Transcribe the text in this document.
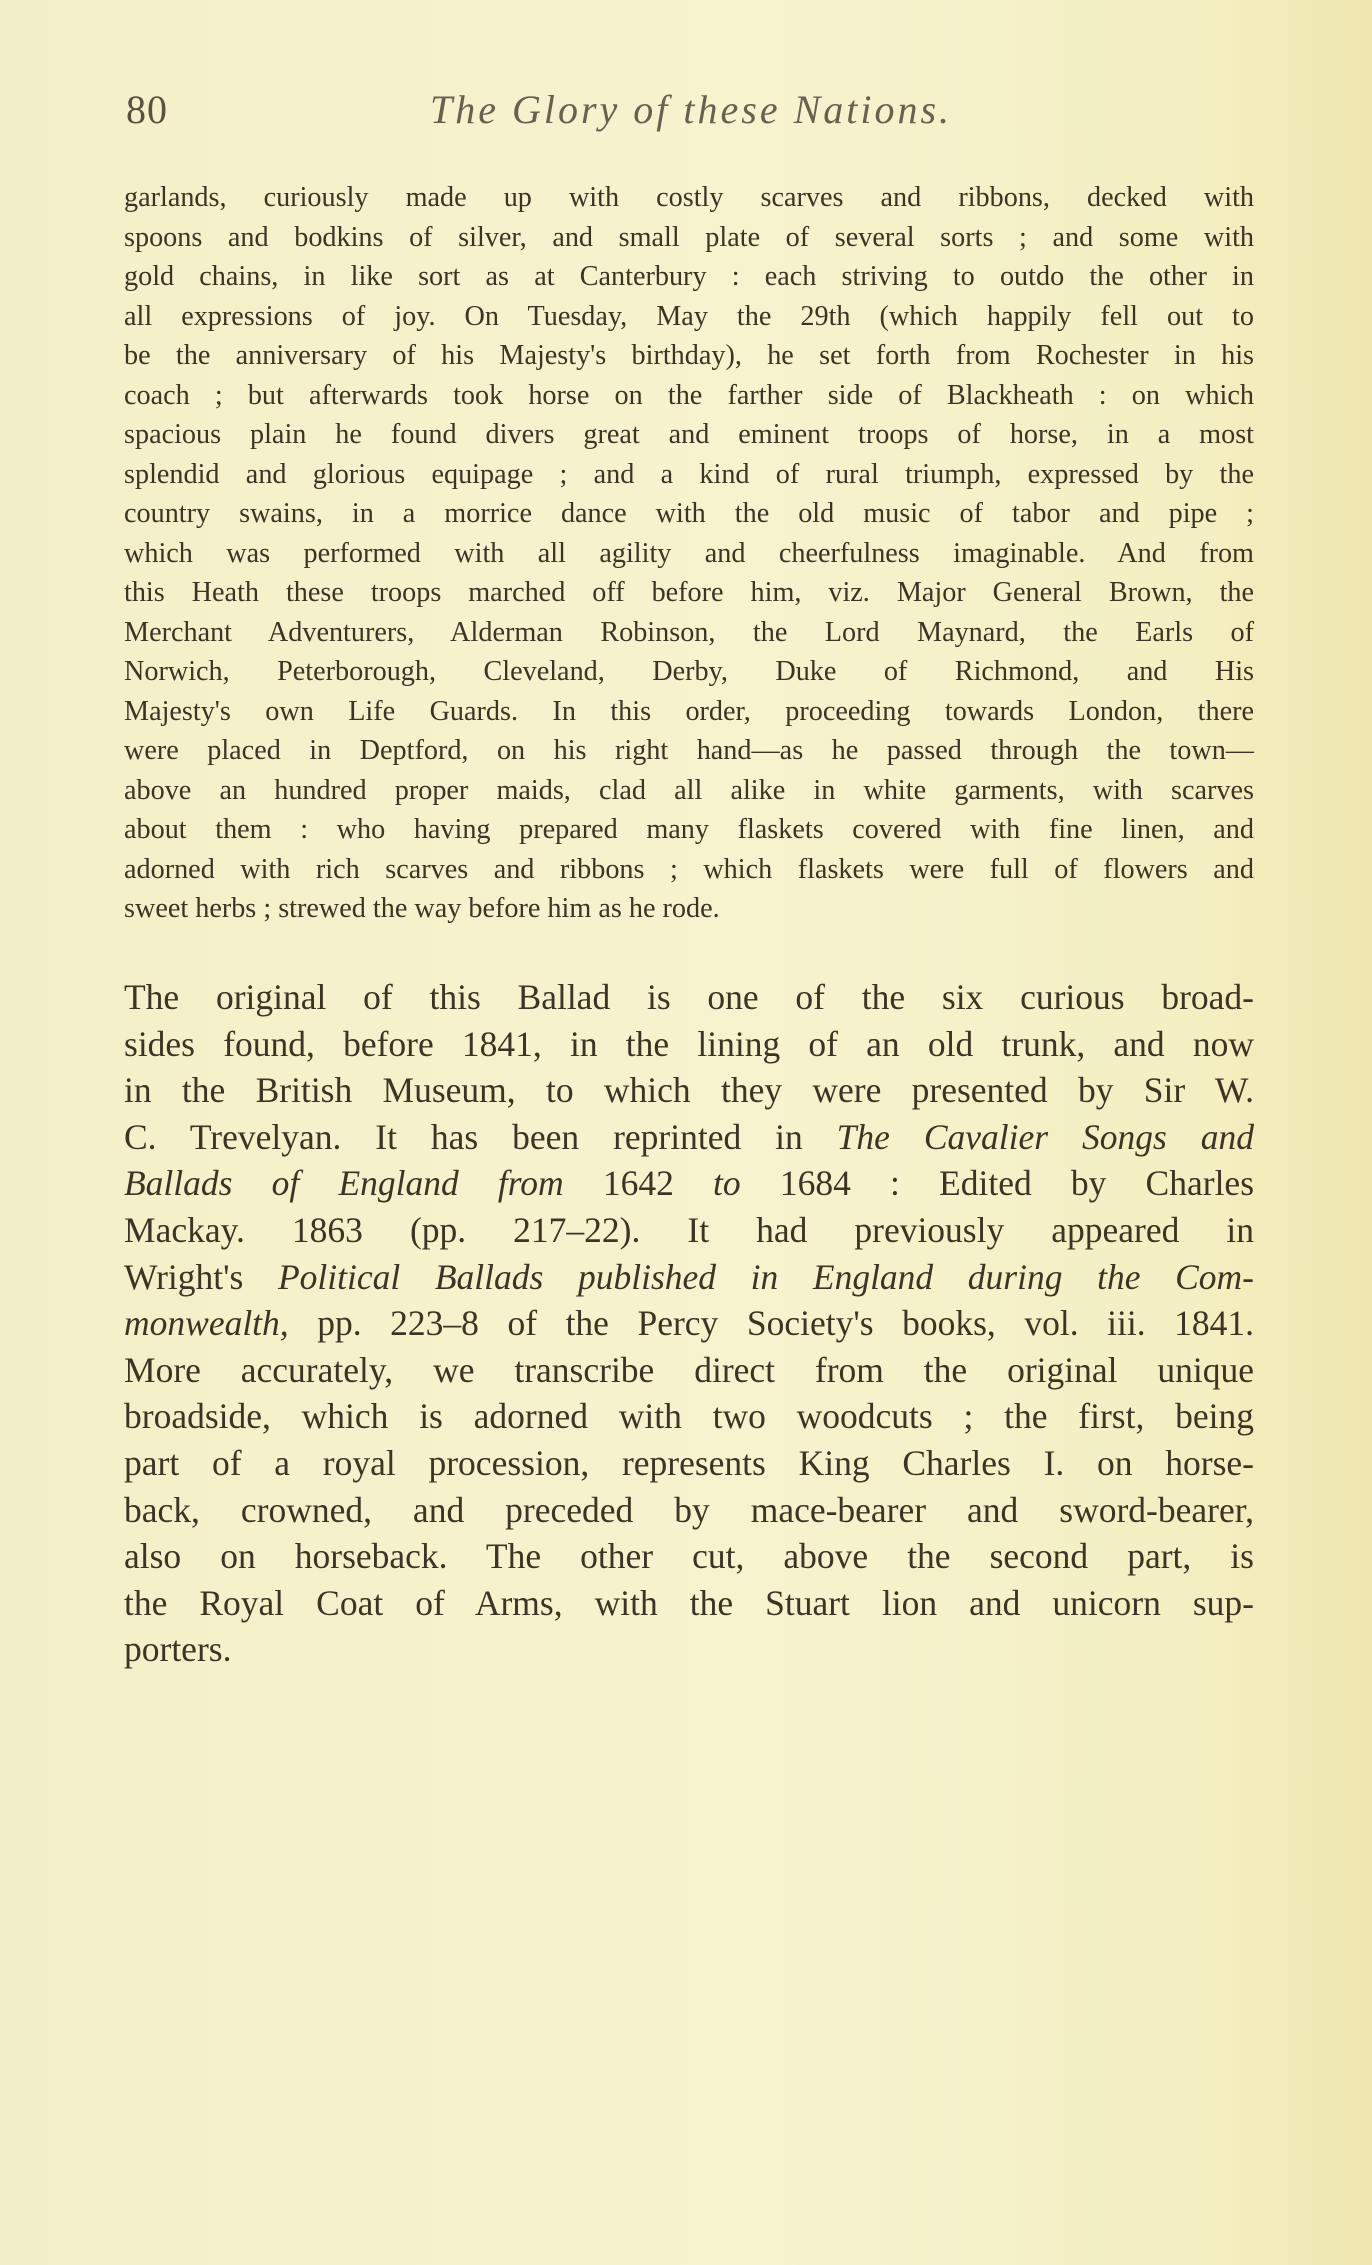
80	The Glory of these Nations.
garlands, curiously made up with costly scarves and ribbons, decked with
spoons and bodkins of silver, and small plate of several sorts ; and some with
gold chains, in like sort as at Canterbury : each striving to outdo the other in
all expressions of joy. On Tuesday, May the 29th (which happily fell out to
be the anniversary of his Majesty's birthday), he set forth from Rochester in his
coach ; but afterwards took horse on the farther side of Blackheath : on which
spacious plain he found divers great and eminent troops of horse, in a most
splendid and glorious equipage ; and a kind of rural triumph, expressed by the
country swains, in a morrice dance with the old music of tabor and pipe ;
which was performed with all agility and cheerfulness imaginable. And from
this Heath these troops marched off before him, viz. Major General Brown, the
Merchant Adventurers, Alderman Robinson, the Lord Maynard, the Earls of
Norwich, Peterborough, Cleveland, Derby, Duke of Richmond, and His
Majesty's own Life Guards. In this order, proceeding towards London, there
were placed in Deptford, on his right hand—as he passed through the town—
above an hundred proper maids, clad all alike in white garments, with scarves
about them : who having prepared many flaskets covered with fine linen, and
adorned with rich scarves and ribbons ; which flaskets were full of flowers and
sweet herbs ; strewed the way before him as he rode.
The original of this Ballad is one of the six curious broad-
sides found, before 1841, in the lining of an old trunk, and now
in the British Museum, to which they were presented by Sir W.
C. Trevelyan. It has been reprinted in The Cavalier Songs and
Ballads of England from 1642 to 1684 : Edited by Charles
Mackay. 1863 (pp. 217–22). It had previously appeared in
Wright's Political Ballads published in England during the Com-
monwealth, pp. 223–8 of the Percy Society's books, vol. iii. 1841.
More accurately, we transcribe direct from the original unique
broadside, which is adorned with two woodcuts ; the first, being
part of a royal procession, represents King Charles I. on horse-
back, crowned, and preceded by mace-bearer and sword-bearer,
also on horseback. The other cut, above the second part, is
the Royal Coat of Arms, with the Stuart lion and unicorn sup-
porters.
